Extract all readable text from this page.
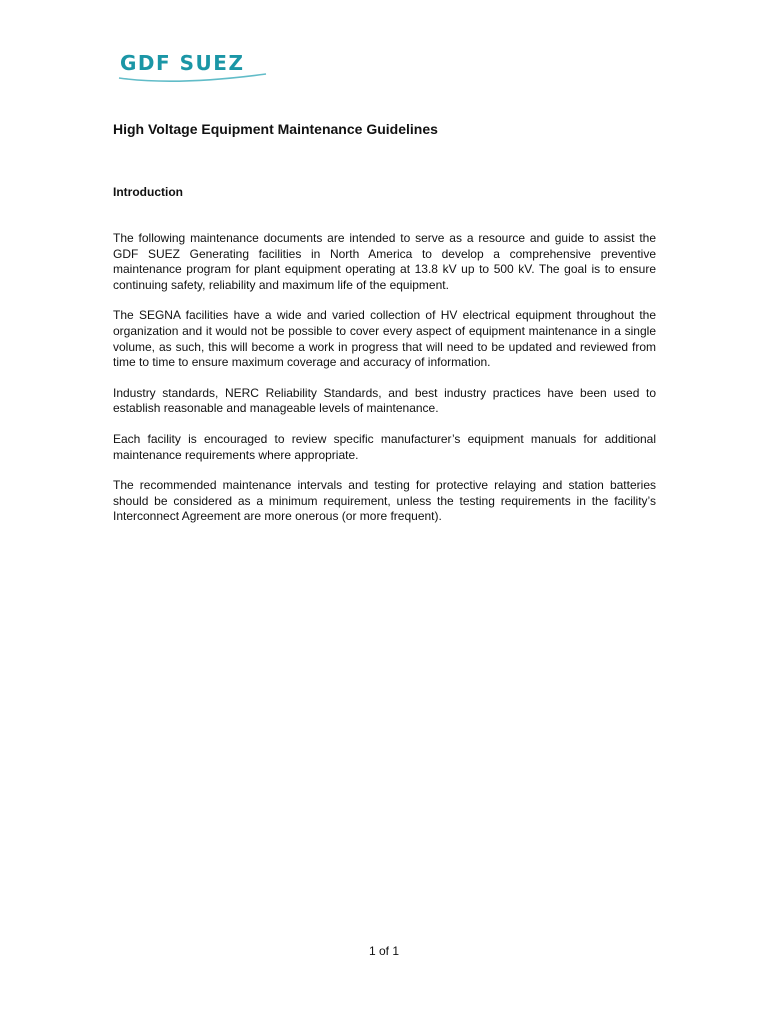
GDF SUEZ
High Voltage Equipment Maintenance Guidelines
Introduction

The following maintenance documents are intended to serve as a resource and guide to assist the GDF SUEZ Generating facilities in North America to develop a comprehensive preventive maintenance program for plant equipment operating at 13.8 kV up to 500 kV. The goal is to ensure continuing safety, reliability and maximum life of the equipment.

The SEGNA facilities have a wide and varied collection of HV electrical equipment throughout the organization and it would not be possible to cover every aspect of equipment maintenance in a single volume, as such, this will become a work in progress that will need to be updated and reviewed from time to time to ensure maximum coverage and accuracy of information.

Industry standards, NERC Reliability Standards, and best industry practices have been used to establish reasonable and manageable levels of maintenance.

Each facility is encouraged to review specific manufacturer’s equipment manuals for additional maintenance requirements where appropriate.

The recommended maintenance intervals and testing for protective relaying and station batteries should be considered as a minimum requirement, unless the testing requirements in the facility’s Interconnect Agreement are more onerous (or more frequent).

1 of 1
